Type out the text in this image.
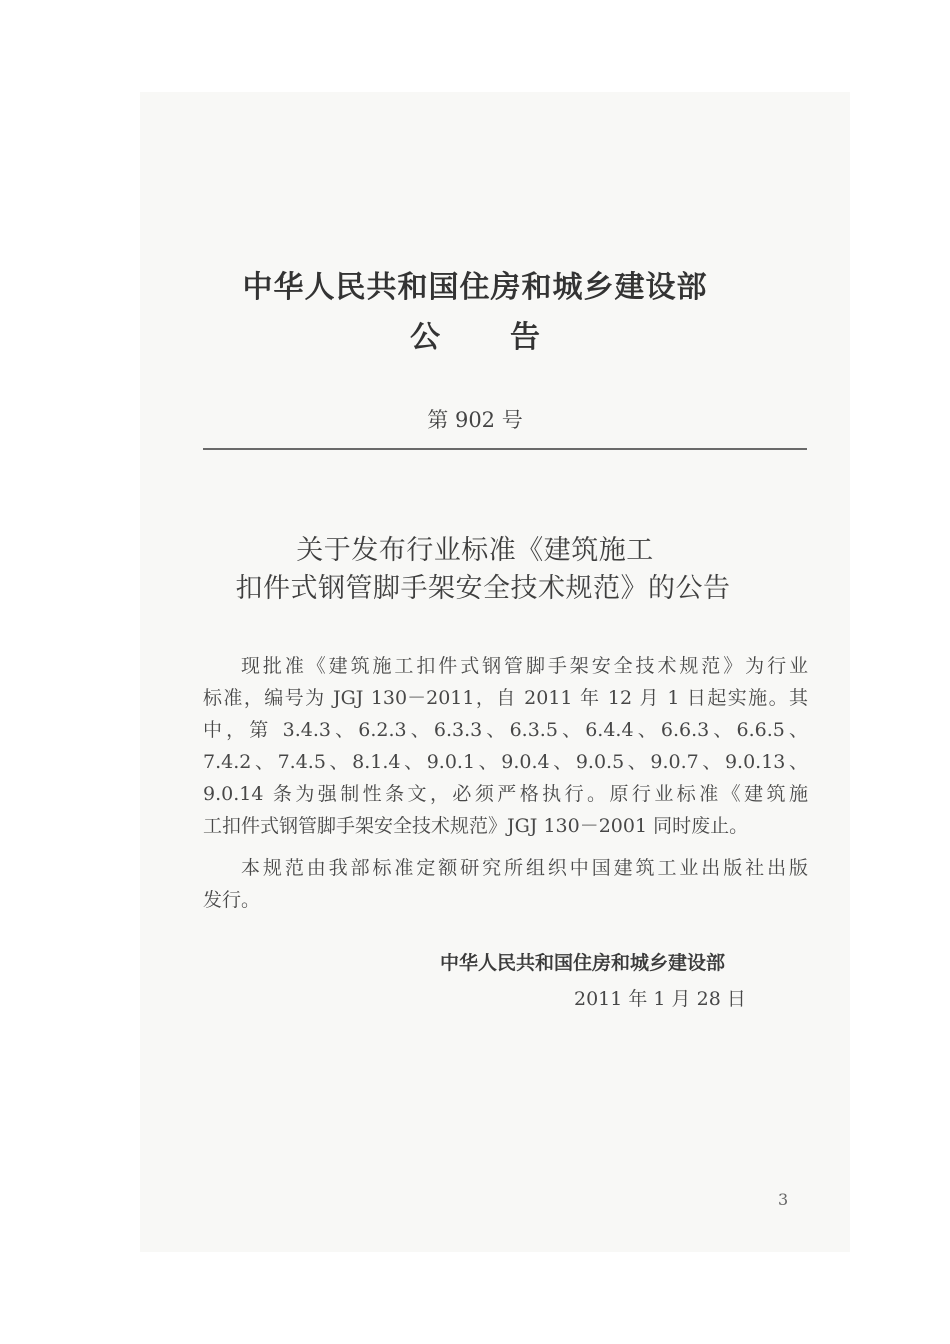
中华人民共和国住房和城乡建设部
公 告
第 902 号
关于发布行业标准《建筑施工
扣件式钢管脚手架安全技术规范》的公告
现批准《建筑施工扣件式钢管脚手架安全技术规范》为行业
标准，编号为 JGJ 130－2011，自 2011 年 12 月 1 日起实施。其
中，第 3.4.3、6.2.3、6.3.3、6.3.5、6.4.4、6.6.3、6.6.5、
7.4.2、7.4.5、8.1.4、9.0.1、9.0.4、9.0.5、9.0.7、9.0.13、
9.0.14 条为强制性条文，必须严格执行。原行业标准《建筑施
工扣件式钢管脚手架安全技术规范》JGJ 130－2001 同时废止。
本规范由我部标准定额研究所组织中国建筑工业出版社出版
发行。
中华人民共和国住房和城乡建设部
2011 年 1 月 28 日
3
